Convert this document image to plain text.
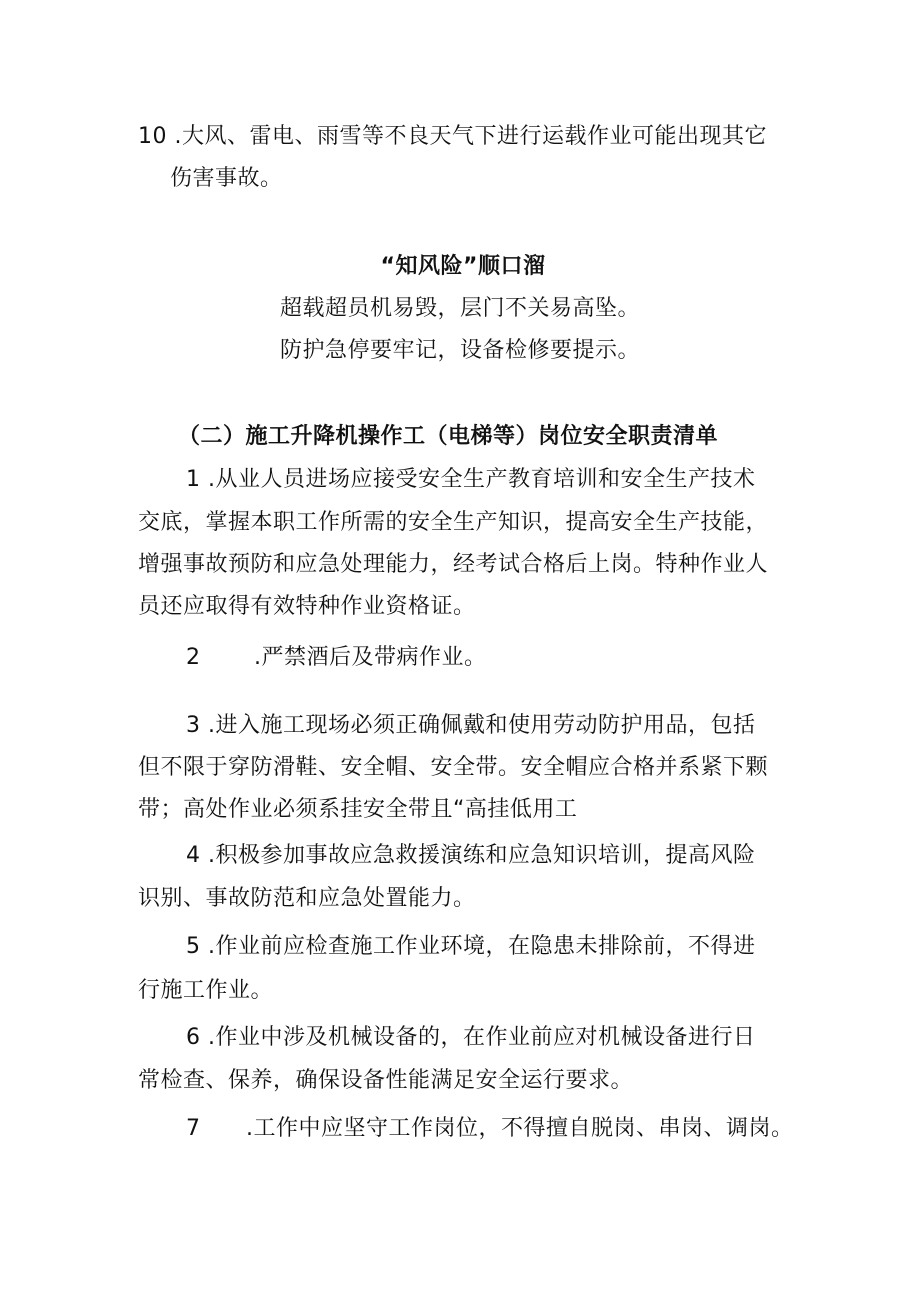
10 .大风、雷电、雨雪等不良天气下进行运载作业可能出现其它
伤害事故。
“知风险”顺口溜
超载超员机易毁，层门不关易高坠。
防护急停要牢记，设备检修要提示。
（二）施工升降机操作工（电梯等）岗位安全职责清单
1 .从业人员进场应接受安全生产教育培训和安全生产技术
交底，掌握本职工作所需的安全生产知识，提高安全生产技能，
增强事故预防和应急处理能力，经考试合格后上岗。特种作业人
员还应取得有效特种作业资格证。
2 .严禁酒后及带病作业。
3 .进入施工现场必须正确佩戴和使用劳动防护用品，包括
但不限于穿防滑鞋、安全帽、安全带。安全帽应合格并系紧下颗
带；高处作业必须系挂安全带且“高挂低用工
4 .积极参加事故应急救援演练和应急知识培训，提高风险
识别、事故防范和应急处置能力。
5 .作业前应检查施工作业环境，在隐患未排除前，不得进
行施工作业。
6 .作业中涉及机械设备的，在作业前应对机械设备进行日
常检查、保养，确保设备性能满足安全运行要求。
7 .工作中应坚守工作岗位，不得擅自脱岗、串岗、调岗。
